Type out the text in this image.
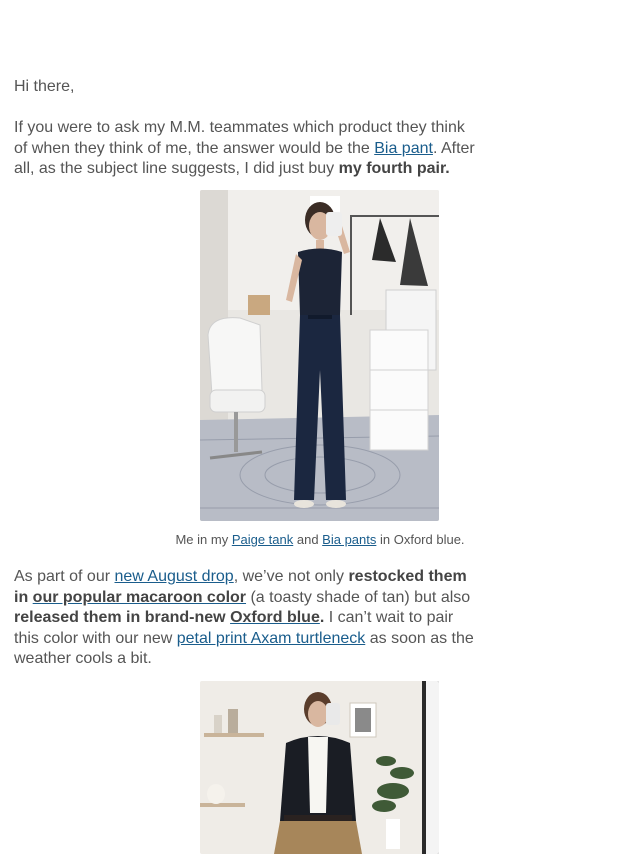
Hi there,

If you were to ask my M.M. teammates which product they think of when they think of me, the answer would be the Bia pant. After all, as the subject line suggests, I did just buy my fourth pair.

As part of our new August drop, we’ve not only restocked them in our popular macaroon color (a toasty shade of tan) but also released them in brand-new Oxford blue. I can’t wait to pair this color with our new petal print Axam turtleneck as soon as the weather cools a bit.

Me in my Paige tank and Bia pants in Oxford blue.
